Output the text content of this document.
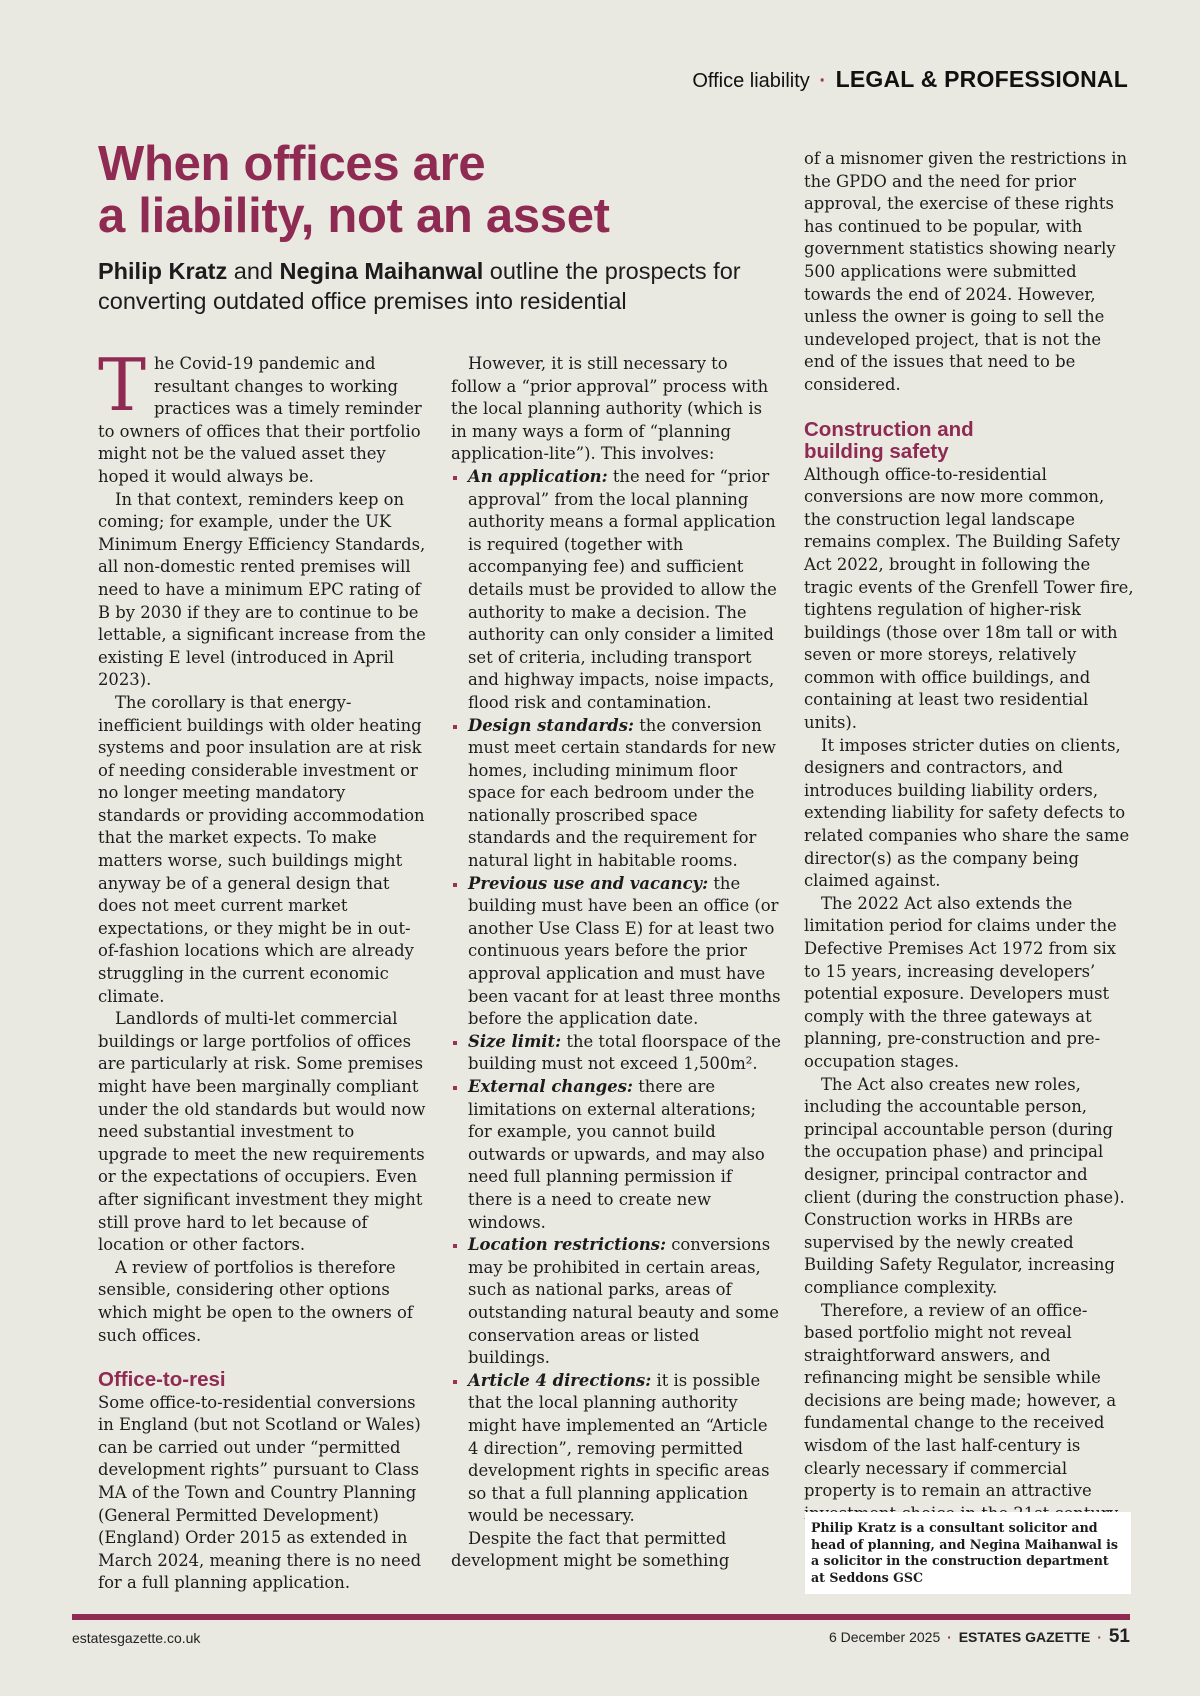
Office liability · LEGAL & PROFESSIONAL
When offices are
a liability, not an asset

Philip Kratz and Negina Maihanwal outline the prospects for converting outdated office premises into residential

The Covid-19 pandemic and resultant changes to working practices was a timely reminder to owners of offices that their portfolio might not be the valued asset they hoped it would always be.

In that context, reminders keep on coming; for example, under the UK Minimum Energy Efficiency Standards, all non-domestic rented premises will need to have a minimum EPC rating of B by 2030 if they are to continue to be lettable, a significant increase from the existing E level (introduced in April 2023).

The corollary is that energy-inefficient buildings with older heating systems and poor insulation are at risk of needing considerable investment or no longer meeting mandatory standards or providing accommodation that the market expects. To make matters worse, such buildings might anyway be of a general design that does not meet current market expectations, or they might be in out-of-fashion locations which are already struggling in the current economic climate.

Landlords of multi-let commercial buildings or large portfolios of offices are particularly at risk. Some premises might have been marginally compliant under the old standards but would now need substantial investment to upgrade to meet the new requirements or the expectations of occupiers. Even after significant investment they might still prove hard to let because of location or other factors.

A review of portfolios is therefore sensible, considering other options which might be open to the owners of such offices.

Office-to-resi

Some office-to-residential conversions in England (but not Scotland or Wales) can be carried out under “permitted development rights” pursuant to Class MA of the Town and Country Planning (General Permitted Development) (England) Order 2015 as extended in March 2024, meaning there is no need for a full planning application.

However, it is still necessary to follow a “prior approval” process with the local planning authority (which is in many ways a form of “planning application-lite”). This involves:

An application: the need for “prior approval” from the local planning authority means a formal application is required (together with accompanying fee) and sufficient details must be provided to allow the authority to make a decision. The authority can only consider a limited set of criteria, including transport and highway impacts, noise impacts, flood risk and contamination.
Design standards: the conversion must meet certain standards for new homes, including minimum floor space for each bedroom under the nationally proscribed space standards and the requirement for natural light in habitable rooms.
Previous use and vacancy: the building must have been an office (or another Use Class E) for at least two continuous years before the prior approval application and must have been vacant for at least three months before the application date.
Size limit: the total floorspace of the building must not exceed 1,500m².
External changes: there are limitations on external alterations; for example, you cannot build outwards or upwards, and may also need full planning permission if there is a need to create new windows.
Location restrictions: conversions may be prohibited in certain areas, such as national parks, areas of outstanding natural beauty and some conservation areas or listed buildings.
Article 4 directions: it is possible that the local planning authority might have implemented an “Article 4 direction”, removing permitted development rights in specific areas so that a full planning application would be necessary.

Despite the fact that permitted development might be something

of a misnomer given the restrictions in the GPDO and the need for prior approval, the exercise of these rights has continued to be popular, with government statistics showing nearly 500 applications were submitted towards the end of 2024. However, unless the owner is going to sell the undeveloped project, that is not the end of the issues that need to be considered.

Construction and
building safety

Although office-to-residential conversions are now more common, the construction legal landscape remains complex. The Building Safety Act 2022, brought in following the tragic events of the Grenfell Tower fire, tightens regulation of higher-risk buildings (those over 18m tall or with seven or more storeys, relatively common with office buildings, and containing at least two residential units).

It imposes stricter duties on clients, designers and contractors, and introduces building liability orders, extending liability for safety defects to related companies who share the same director(s) as the company being claimed against.

The 2022 Act also extends the limitation period for claims under the Defective Premises Act 1972 from six to 15 years, increasing developers’ potential exposure. Developers must comply with the three gateways at planning, pre-construction and pre-occupation stages.

The Act also creates new roles, including the accountable person, principal accountable person (during the occupation phase) and principal designer, principal contractor and client (during the construction phase). Construction works in HRBs are supervised by the newly created Building Safety Regulator, increasing compliance complexity.

Therefore, a review of an office-based portfolio might not reveal straightforward answers, and refinancing might be sensible while decisions are being made; however, a fundamental change to the received wisdom of the last half-century is clearly necessary if commercial property is to remain an attractive

Philip Kratz is a consultant solicitor and head of planning, and Negina Maihanwal is a solicitor in the construction department at Seddons GSC
estatesgazette.co.uk	6 December 2025 · ESTATES GAZETTE · 51
